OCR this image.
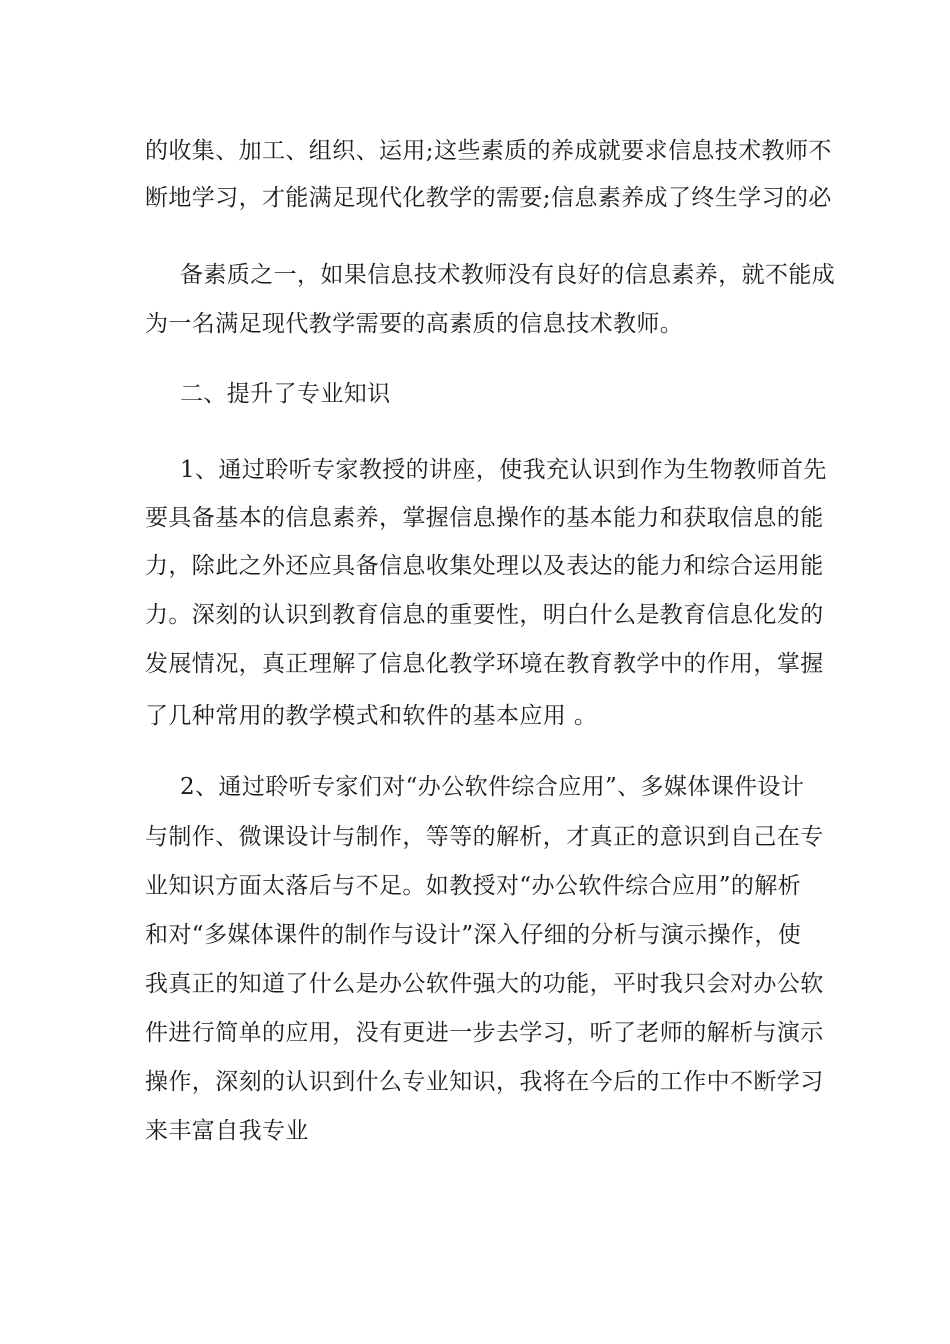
的收集、加工、组织、运用;这些素质的养成就要求信息技术教师不

断地学习，才能满足现代化教学的需要;信息素养成了终生学习的必

备素质之一，如果信息技术教师没有良好的信息素养，就不能成

为一名满足现代教学需要的高素质的信息技术教师。

二、提升了专业知识

1、通过聆听专家教授的讲座，使我充认识到作为生物教师首先

要具备基本的信息素养，掌握信息操作的基本能力和获取信息的能

力，除此之外还应具备信息收集处理以及表达的能力和综合运用能

力。深刻的认识到教育信息的重要性，明白什么是教育信息化发的

发展情况，真正理解了信息化教学环境在教育教学中的作用，掌握

了几种常用的教学模式和软件的基本应用 。

2、通过聆听专家们对“办公软件综合应用”、多媒体课件设计

与制作、微课设计与制作，等等的解析，才真正的意识到自己在专

业知识方面太落后与不足。如教授对“办公软件综合应用”的解析

和对“多媒体课件的制作与设计”深入仔细的分析与演示操作，使

我真正的知道了什么是办公软件强大的功能，平时我只会对办公软

件进行简单的应用，没有更进一步去学习，听了老师的解析与演示

操作，深刻的认识到什么专业知识，我将在今后的工作中不断学习

来丰富自我专业
